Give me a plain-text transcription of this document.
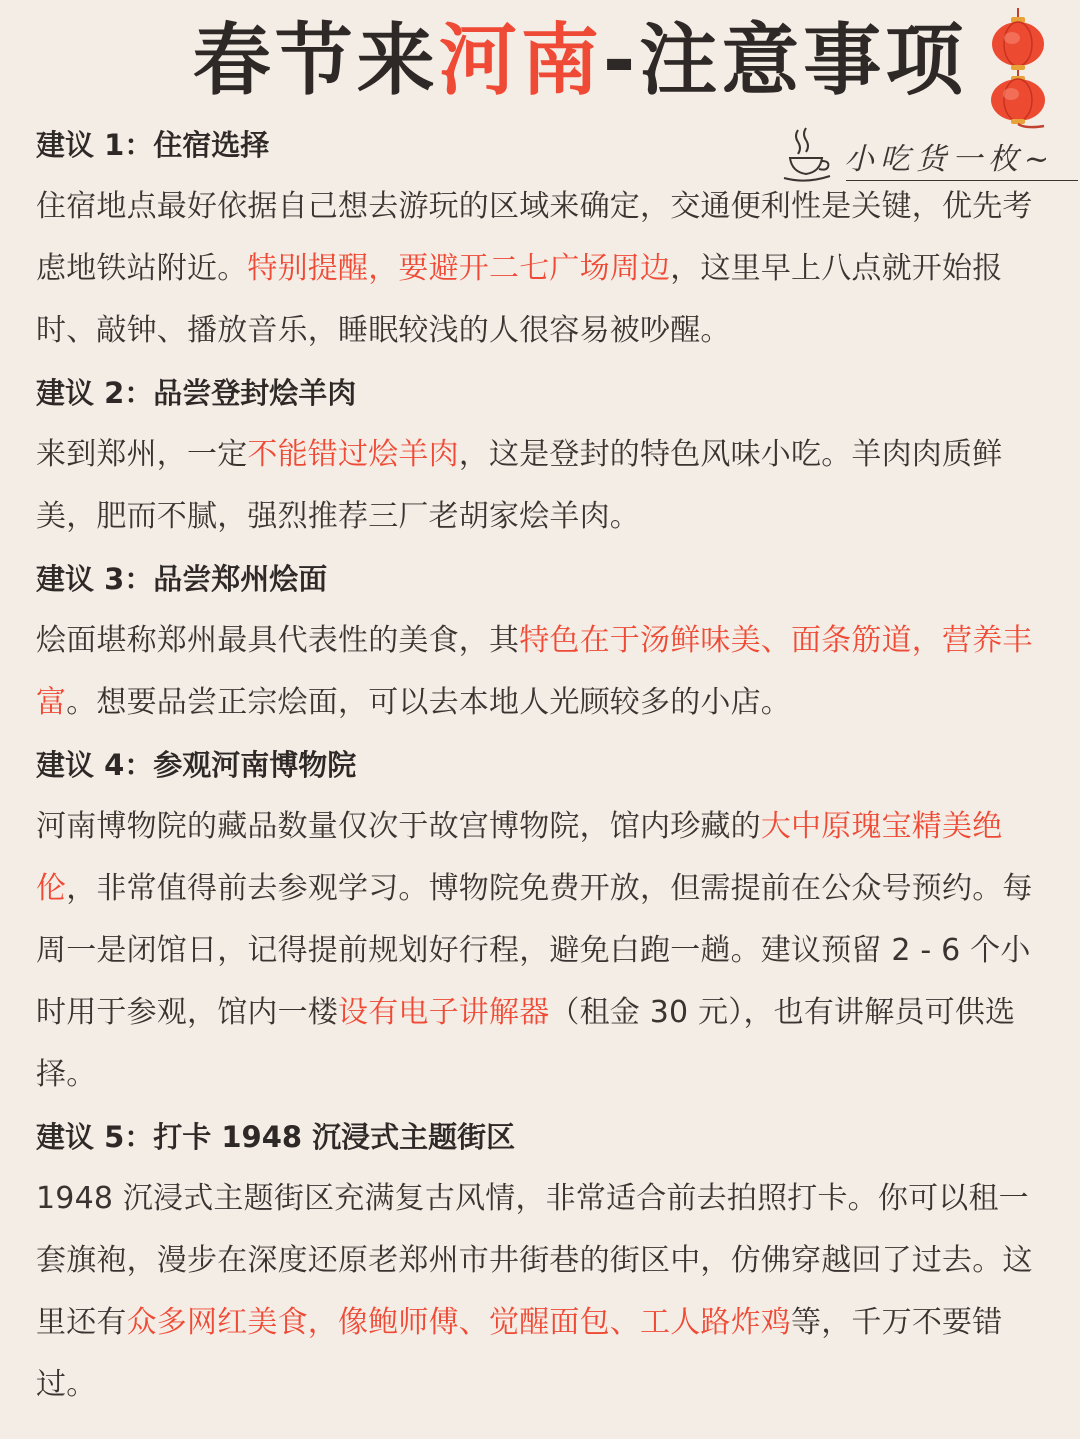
春节来河南-注意事项
小吃货一枚~
建议 1：住宿选择

住宿地点最好依据自己想去游玩的区域来确定，交通便利性是关键，优先考虑地铁站附近。特别提醒，要避开二七广场周边，这里早上八点就开始报时、敲钟、播放音乐，睡眠较浅的人很容易被吵醒。

建议 2：品尝登封烩羊肉

来到郑州，一定不能错过烩羊肉，这是登封的特色风味小吃。羊肉肉质鲜美，肥而不腻，强烈推荐三厂老胡家烩羊肉。

建议 3：品尝郑州烩面

烩面堪称郑州最具代表性的美食，其特色在于汤鲜味美、面条筋道，营养丰富。想要品尝正宗烩面，可以去本地人光顾较多的小店。

建议 4：参观河南博物院

河南博物院的藏品数量仅次于故宫博物院，馆内珍藏的大中原瑰宝精美绝伦，非常值得前去参观学习。博物院免费开放，但需提前在公众号预约。每周一是闭馆日，记得提前规划好行程，避免白跑一趟。建议预留 2 - 6 个小时用于参观，馆内一楼设有电子讲解器（租金 30 元），也有讲解员可供选择。

建议 5：打卡 1948 沉浸式主题街区

1948 沉浸式主题街区充满复古风情，非常适合前去拍照打卡。你可以租一套旗袍，漫步在深度还原老郑州市井街巷的街区中，仿佛穿越回了过去。这里还有众多网红美食，像鲍师傅、觉醒面包、工人路炸鸡等，千万不要错过。
